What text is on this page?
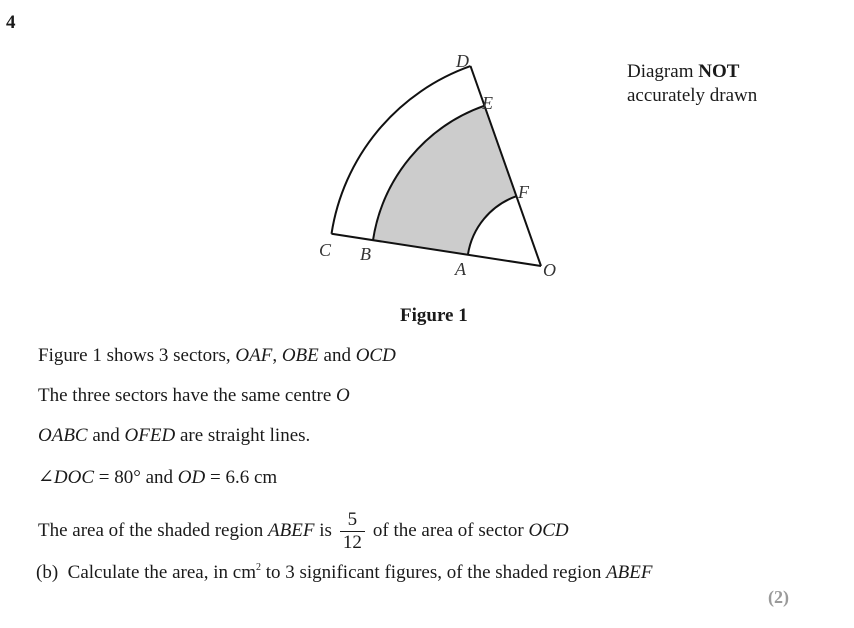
4
Diagram NOT
accurately drawn
C B
A	O
D
E
F
Figure 1
Figure 1 shows 3 sectors, OAF, OBE and OCD
The three sectors have the same centre O
OABC and OFED are straight lines.
∠DOC = 80° and OD = 6.6 cm
The area of the shaded region ABEF is $\frac{5}{12}$ of the area of sector OCD
(b) Calculate the area, in $cm^2$ to 3 significant figures, of the shaded region ABEF
(2)
